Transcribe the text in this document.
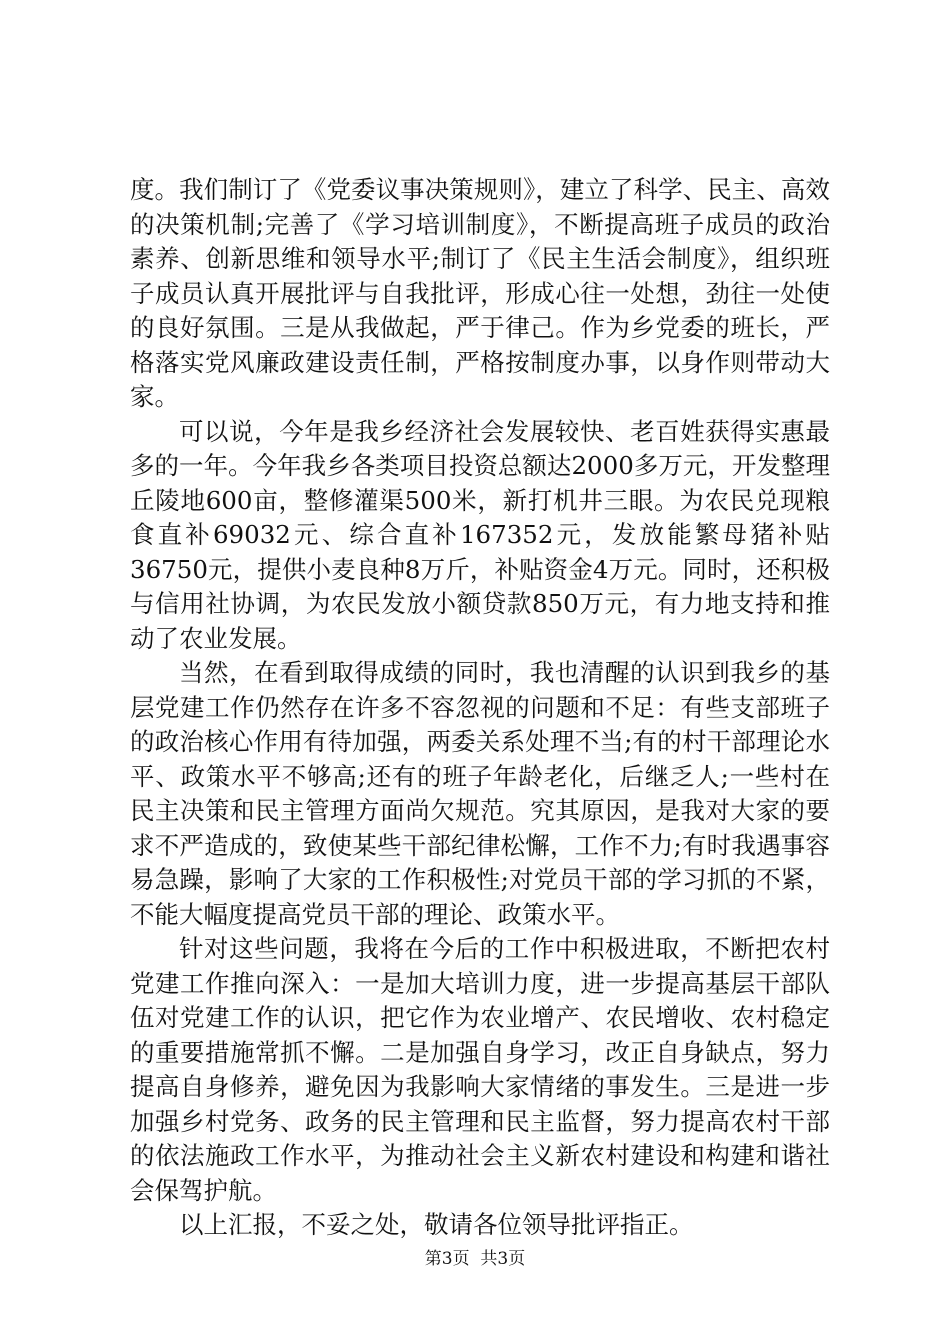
度。我们制订了《党委议事决策规则》，建立了科学、民主、高效的决策机制;完善了《学习培训制度》，不断提高班子成员的政治素养、创新思维和领导水平;制订了《民主生活会制度》，组织班子成员认真开展批评与自我批评，形成心往一处想，劲往一处使的良好氛围。三是从我做起，严于律己。作为乡党委的班长，严格落实党风廉政建设责任制，严格按制度办事，以身作则带动大家。

可以说，今年是我乡经济社会发展较快、老百姓获得实惠最多的一年。今年我乡各类项目投资总额达2000多万元，开发整理丘陵地600亩，整修灌渠500米，新打机井三眼。为农民兑现粮食直补69032元、综合直补167352元，发放能繁母猪补贴36750元，提供小麦良种8万斤，补贴资金4万元。同时，还积极与信用社协调，为农民发放小额贷款850万元，有力地支持和推动了农业发展。

当然，在看到取得成绩的同时，我也清醒的认识到我乡的基层党建工作仍然存在许多不容忽视的问题和不足：有些支部班子的政治核心作用有待加强，两委关系处理不当;有的村干部理论水平、政策水平不够高;还有的班子年龄老化，后继乏人;一些村在民主决策和民主管理方面尚欠规范。究其原因，是我对大家的要求不严造成的，致使某些干部纪律松懈，工作不力;有时我遇事容易急躁，影响了大家的工作积极性;对党员干部的学习抓的不紧，不能大幅度提高党员干部的理论、政策水平。

针对这些问题，我将在今后的工作中积极进取，不断把农村党建工作推向深入：一是加大培训力度，进一步提高基层干部队伍对党建工作的认识，把它作为农业增产、农民增收、农村稳定的重要措施常抓不懈。二是加强自身学习，改正自身缺点，努力提高自身修养，避免因为我影响大家情绪的事发生。三是进一步加强乡村党务、政务的民主管理和民主监督，努力提高农村干部的依法施政工作水平，为推动社会主义新农村建设和构建和谐社会保驾护航。

以上汇报，不妥之处，敬请各位领导批评指正。

第3页 共3页
